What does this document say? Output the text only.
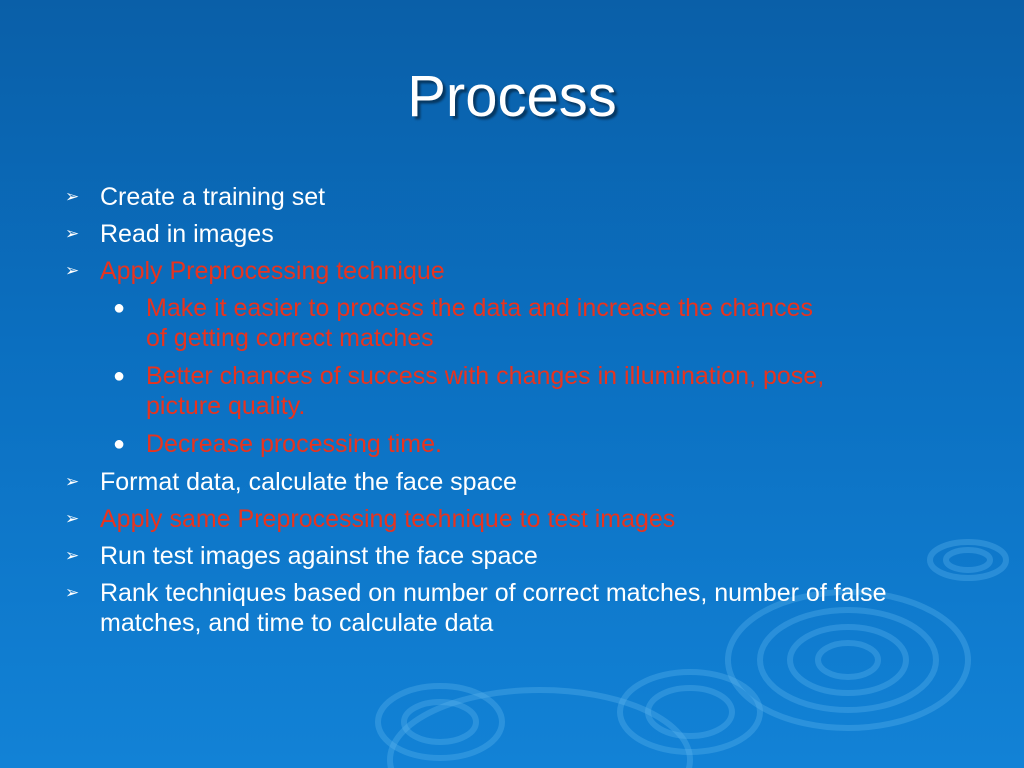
Process
➢ Create a training set
➢ Read in images
➢ Apply Preprocessing technique
● Make it easier to process the data and increase the chances of getting correct matches
● Better chances of success with changes in illumination, pose, picture quality.
● Decrease processing time.
➢ Format data, calculate the face space
➢ Apply same Preprocessing technique to test images
➢ Run test images against the face space
➢ Rank techniques based on number of correct matches, number of false matches, and time to calculate data
